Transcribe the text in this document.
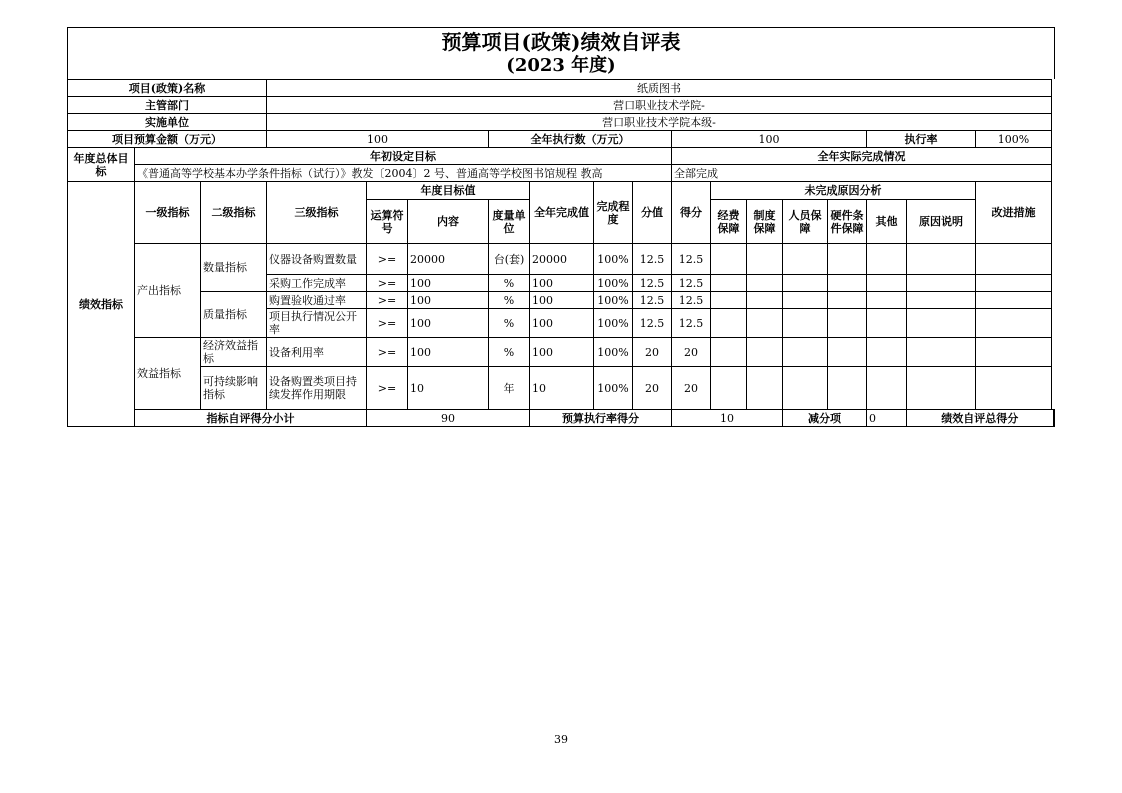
预算项目(政策)绩效自评表
(2023 年度)
项目(政策)名称			纸质图书															
主管部门			营口职业技术学院-															
实施单位			营口职业技术学院本级-															
项目预算金额（万元）			100			全年执行数（万元）				100					执行率		100%	
年度总体目标	年初设定目标									全年实际完成情况								
	《普通高等学校基本办学条件指标（试行）》教发〔2004〕2 号、普通高等学校图书馆规程 教高									全部完成								
绩效指标	一级指标	二级指标	三级指标	年度目标值			全年完成值	完成程度	分值	得分	未完成原因分析						改进措施	
				运算符号	内容	度量单位					经费保障	制度保障	人员保障	硬件条件保障	其他	原因说明		
	产出指标	数量指标	仪器设备购置数量	>=	20000	台(套)	20000	100%	12.5	12.5								
			采购工作完成率	>=	100	%	100	100%	12.5	12.5								
		质量指标	购置验收通过率	>=	100	%	100	100%	12.5	12.5								
			项目执行情况公开率	>=	100	%	100	100%	12.5	12.5								
	效益指标	经济效益指标	设备利用率	>=	100	%	100	100%	20	20								
		可持续影响指标	设备购置类项目持续发挥作用期限	>=	10	年	10	100%	20	20								
	指标自评得分小计			90			预算执行率得分			10			减分项		0	绩效自评总得分	
39
